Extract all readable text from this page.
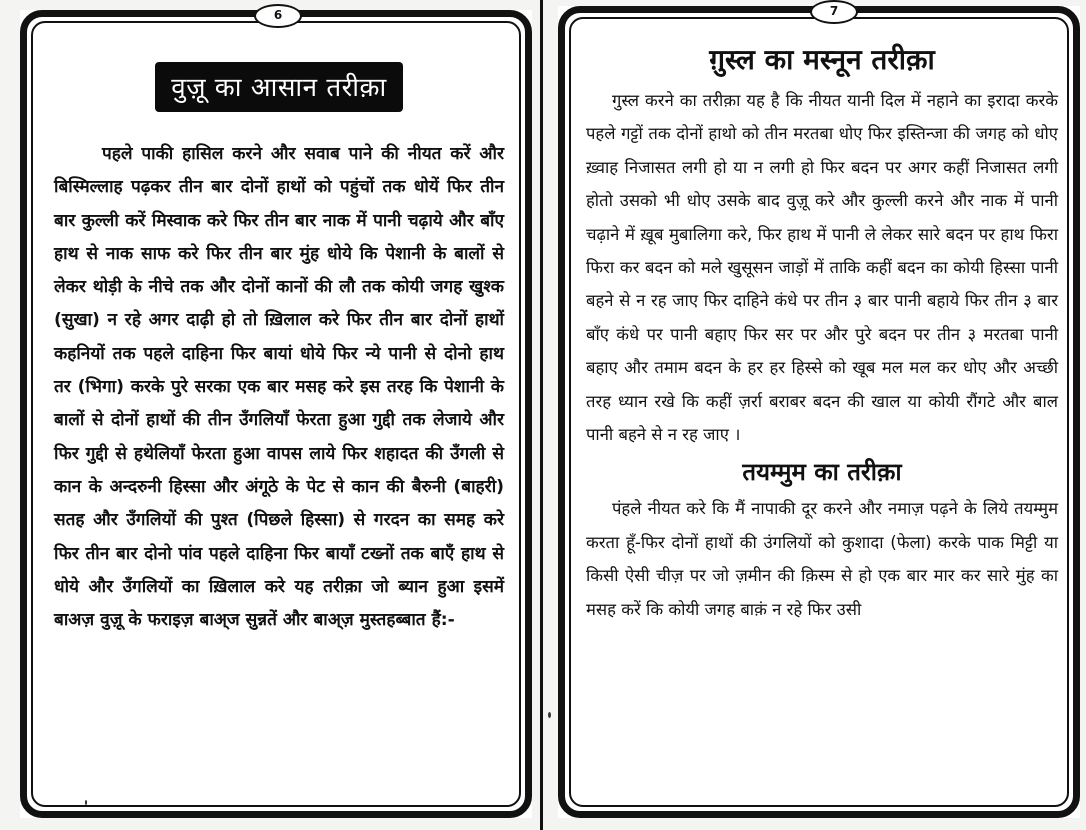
6
वुज़ू का आसान तरीक़ा

पहले पाकी हासिल करने और सवाब पाने की नीयत करें और बिस्मिल्लाह पढ़कर तीन बार दोनों हाथों को पहुंचों तक धोयें फिर तीन बार कुल्ली करें मिस्वाक करे फिर तीन बार नाक में पानी चढ़ाये और बाँए हाथ से नाक साफ करे फिर तीन बार मुंह धोये कि पेशानी के बालों से लेकर थोड़ी के नीचे तक और दोनों कानों की लौ तक कोयी जगह खुश्क (सुखा) न रहे अगर दाढ़ी हो तो ख़िलाल करे फिर तीन बार दोनों हाथों कहनियों तक पहले दाहिना फिर बायां धोये फिर न्ये पानी से दोनो हाथ तर (भिगा) करके पुरे सरका एक बार मसह करे इस तरह कि पेशानी के बालों से दोनों हाथों की तीन उँगलियाँ फेरता हुआ गुद्दी तक लेजाये और फिर गुद्दी से हथेलियाँ फेरता हुआ वापस लाये फिर शहादत की उँगली से कान के अन्दरुनी हिस्सा और अंगूठे के पेट से कान की बैरुनी (बाहरी) सतह और उँगलियों की पुश्त (पिछले हिस्सा) से गरदन का समह करे फिर तीन बार दोनो पांव पहले दाहिना फिर बायाँ टख्नों तक बाएँ हाथ से धोये और उँगलियों का ख़िलाल करे यह तरीक़ा जो ब्यान हुआ इसमें बाअज़ वुज़ू के फराइज़ बाअ्ज सुन्नतें और बाअ्ज़ मुस्तहब्बात हैं:-

7
ग़ुस्ल का मस्नून तरीक़ा

गुस्ल करने का तरीक़ा यह है कि नीयत यानी दिल में नहाने का इरादा करके पहले गट्टों तक दोनों हाथो को तीन मरतबा धोए फिर इस्तिन्जा की जगह को धोए ख़्वाह निजासत लगी हो या न लगी हो फिर बदन पर अगर कहीं निजासत लगी होतो उसको भी धोए उसके बाद वुज़ू करे और कुल्ली करने और नाक में पानी चढ़ाने में ख़ूब मुबालिगा करे, फिर हाथ में पानी ले लेकर सारे बदन पर हाथ फिरा फिरा कर बदन को मले खुसूसन जाड़ों में ताकि कहीं बदन का कोयी हिस्सा पानी बहने से न रह जाए फिर दाहिने कंधे पर तीन ३ बार पानी बहाये फिर तीन ३ बार बाँए कंधे पर पानी बहाए फिर सर पर और पुरे बदन पर तीन ३ मरतबा पानी बहाए और तमाम बदन के हर हर हिस्से को खूब मल मल कर धोए और अच्छी तरह ध्यान रखे कि कहीं ज़र्रा बराबर बदन की खाल या कोयी रौंगटे और बाल पानी बहने से न रह जाए ।

तयम्मुम का तरीक़ा

पंहले नीयत करे कि मैं नापाकी दूर करने और नमाज़ पढ़ने के लिये तयम्मुम करता हूँ-फिर दोनों हाथों की उंगलियों को कुशादा (फेला) करके पाक मिट्टी या किसी ऐसी चीज़ पर जो ज़मीन की क़िस्म से हो एक बार मार कर सारे मुंह का मसह करें कि कोयी जगह बाक़ं न रहे फिर उसी
